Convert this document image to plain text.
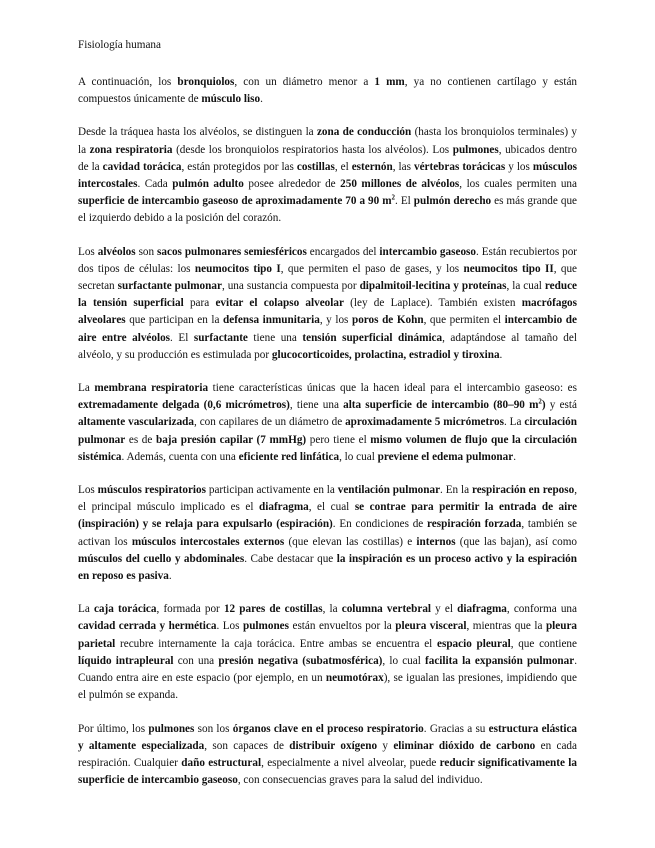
Fisiología humana

A continuación, los bronquiolos, con un diámetro menor a 1 mm, ya no contienen cartílago y están compuestos únicamente de músculo liso.

Desde la tráquea hasta los alvéolos, se distinguen la zona de conducción (hasta los bronquiolos terminales) y la zona respiratoria (desde los bronquiolos respiratorios hasta los alvéolos). Los pulmones, ubicados dentro de la cavidad torácica, están protegidos por las costillas, el esternón, las vértebras torácicas y los músculos intercostales. Cada pulmón adulto posee alrededor de 250 millones de alvéolos, los cuales permiten una superficie de intercambio gaseoso de aproximadamente 70 a 90 $m^2$. El pulmón derecho es más grande que el izquierdo debido a la posición del corazón.

Los alvéolos son sacos pulmonares semiesféricos encargados del intercambio gaseoso. Están recubiertos por dos tipos de células: los neumocitos tipo I, que permiten el paso de gases, y los neumocitos tipo II, que secretan surfactante pulmonar, una sustancia compuesta por dipalmitoil-lecitina y proteínas, la cual reduce la tensión superficial para evitar el colapso alveolar (ley de Laplace). También existen macrófagos alveolares que participan en la defensa inmunitaria, y los poros de Kohn, que permiten el intercambio de aire entre alvéolos. El surfactante tiene una tensión superficial dinámica, adaptándose al tamaño del alvéolo, y su producción es estimulada por glucocorticoides, prolactina, estradiol y tiroxina.

La membrana respiratoria tiene características únicas que la hacen ideal para el intercambio gaseoso: es extremadamente delgada (0,6 micrómetros), tiene una alta superficie de intercambio (80–90 $m^2$) y está altamente vascularizada, con capilares de un diámetro de aproximadamente 5 micrómetros. La circulación pulmonar es de baja presión capilar (7 mmHg) pero tiene el mismo volumen de flujo que la circulación sistémica. Además, cuenta con una eficiente red linfática, lo cual previene el edema pulmonar.

Los músculos respiratorios participan activamente en la ventilación pulmonar. En la respiración en reposo, el principal músculo implicado es el diafragma, el cual se contrae para permitir la entrada de aire (inspiración) y se relaja para expulsarlo (espiración). En condiciones de respiración forzada, también se activan los músculos intercostales externos (que elevan las costillas) e internos (que las bajan), así como músculos del cuello y abdominales. Cabe destacar que la inspiración es un proceso activo y la espiración en reposo es pasiva.

La caja torácica, formada por 12 pares de costillas, la columna vertebral y el diafragma, conforma una cavidad cerrada y hermética. Los pulmones están envueltos por la pleura visceral, mientras que la pleura parietal recubre internamente la caja torácica. Entre ambas se encuentra el espacio pleural, que contiene líquido intrapleural con una presión negativa (subatmosférica), lo cual facilita la expansión pulmonar. Cuando entra aire en este espacio (por ejemplo, en un neumotórax), se igualan las presiones, impidiendo que el pulmón se expanda.

Por último, los pulmones son los órganos clave en el proceso respiratorio. Gracias a su estructura elástica y altamente especializada, son capaces de distribuir oxígeno y eliminar dióxido de carbono en cada respiración. Cualquier daño estructural, especialmente a nivel alveolar, puede reducir significativamente la superficie de intercambio gaseoso, con consecuencias graves para la salud del individuo.
